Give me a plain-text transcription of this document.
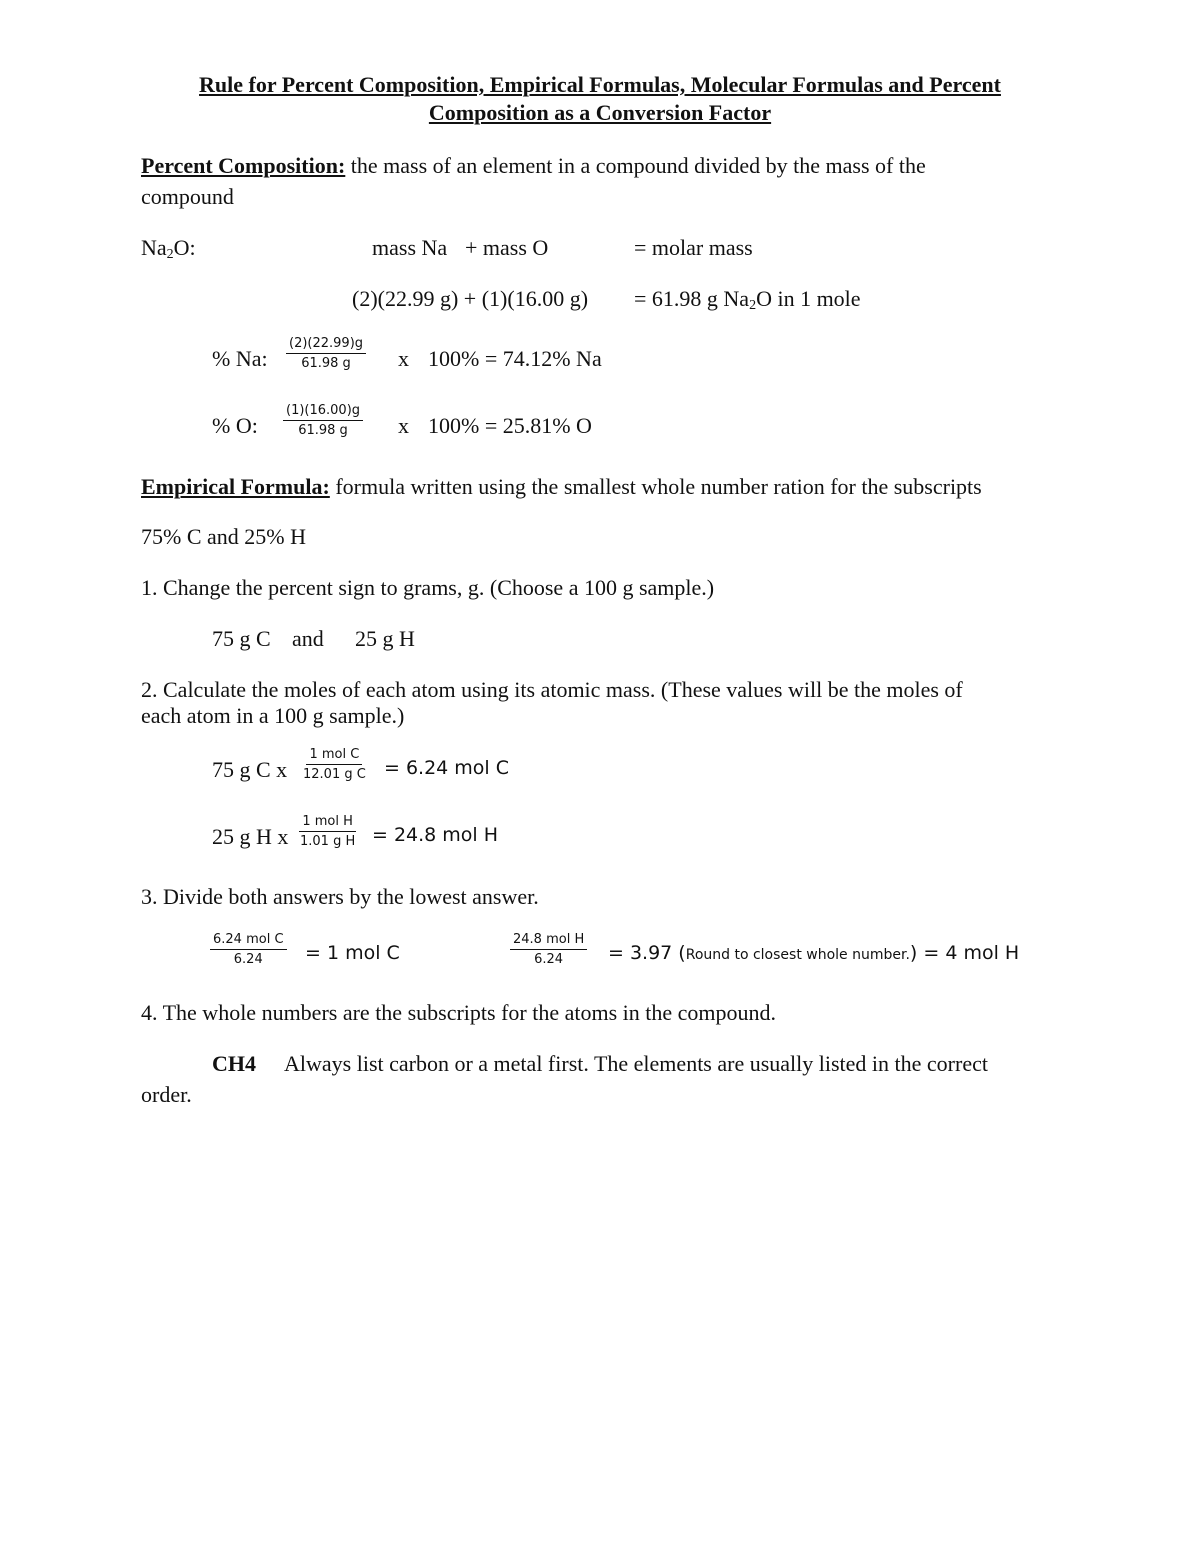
Rule for Percent Composition, Empirical Formulas, Molecular Formulas and Percent
Composition as a Conversion Factor
Percent Composition: the mass of an element in a compound divided by the mass of the
compound
$Na_2O$:	mass Na + mass O	= molar mass
(2)(22.99 g) + (1)(16.00 g) = 61.98 g $Na_2O$ in 1 mole
% Na: $\frac{(2)(22.99)g}{61.98 g}$ x 100% = 74.12% Na
% O: $\frac{(1)(16.00)g}{61.98 g}$ x 100% = 25.81% O
Empirical Formula: formula written using the smallest whole number ration for the subscripts
75% C and 25% H
1. Change the percent sign to grams, g. (Choose a 100 g sample.)
75 g C and 25 g H
2. Calculate the moles of each atom using its atomic mass. (These values will be the moles of
each atom in a 100 g sample.)
75 g C x
1 mol C
12.01 g C = 6.24 mol C
25 g H x
1 mol H
1.01 g H = 24.8 mol H
3. Divide both answers by the lowest answer.
6.24 mol C
6.24 = 1 mol C
24.8 mol H
6.24 = 3.97 (Round to closest whole number.) = 4 mol H
4. The whole numbers are the subscripts for the atoms in the compound.
CH4 Always list carbon or a metal first. The elements are usually listed in the correct
order.
